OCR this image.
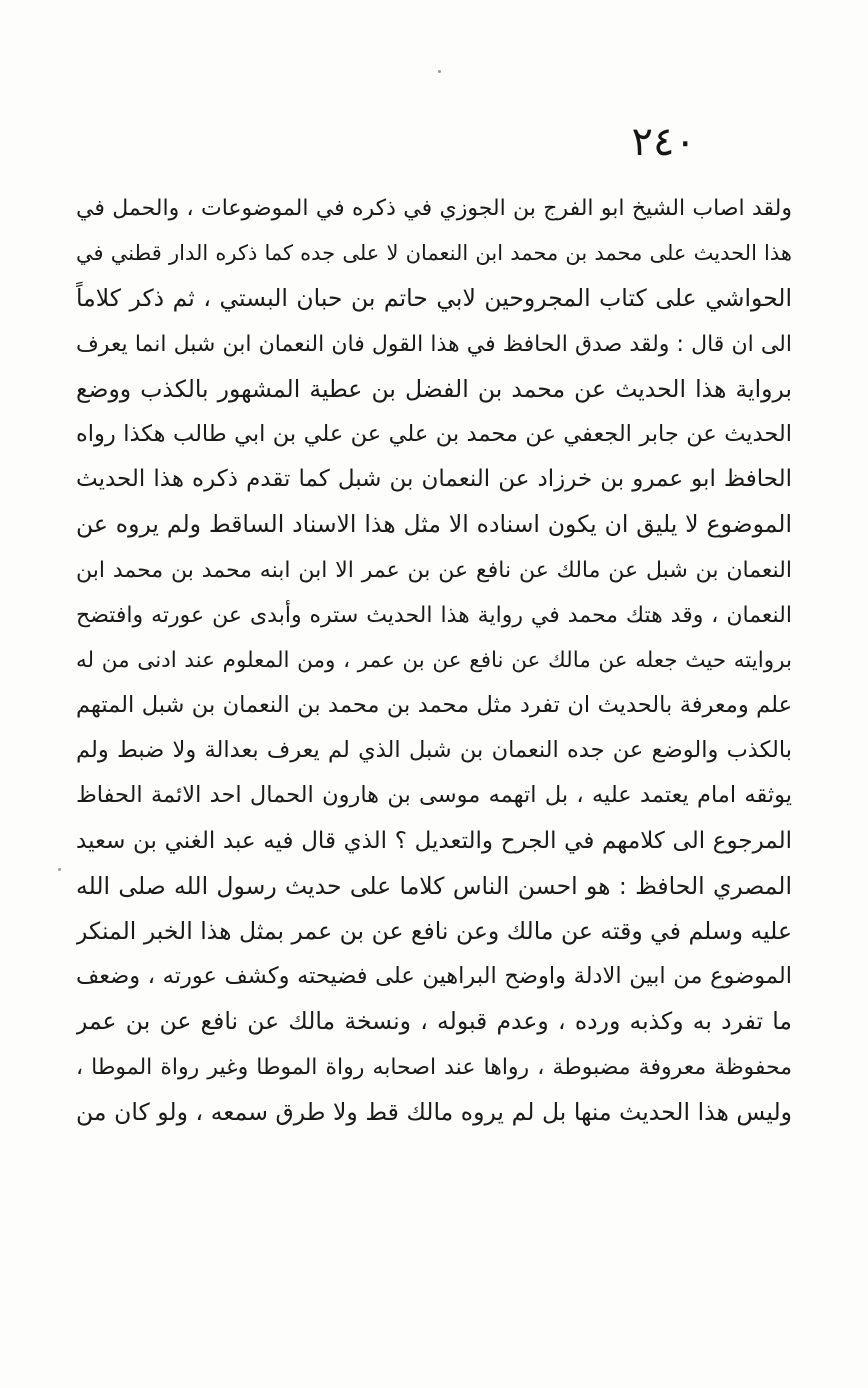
٢٤٠
ولقد اصاب الشيخ ابو الفرج بن الجوزي في ذكره في الموضوعات ، والحمل في
هذا الحديث على محمد بن محمد ابن النعمان لا على جده كما ذكره الدار قطني في
الحواشي على كتاب المجروحين لابي حاتم بن حبان البستي ، ثم ذكر كلاماً
الى ان قال : ولقد صدق الحافظ في هذا القول فان النعمان ابن شبل انما يعرف
برواية هذا الحديث عن محمد بن الفضل بن عطية المشهور بالكذب ووضع
الحديث عن جابر الجعفي عن محمد بن علي عن علي بن ابي طالب هكذا رواه
الحافظ ابو عمرو بن خرزاد عن النعمان بن شبل كما تقدم ذكره هذا الحديث
الموضوع لا يليق ان يكون اسناده الا مثل هذا الاسناد الساقط ولم يروه عن
النعمان بن شبل عن مالك عن نافع عن بن عمر الا ابن ابنه محمد بن محمد ابن
النعمان ، وقد هتك محمد في رواية هذا الحديث ستره وأبدى عن عورته وافتضح
بروايته حيث جعله عن مالك عن نافع عن بن عمر ، ومن المعلوم عند ادنى من له
علم ومعرفة بالحديث ان تفرد مثل محمد بن محمد بن النعمان بن شبل المتهم
بالكذب والوضع عن جده النعمان بن شبل الذي لم يعرف بعدالة ولا ضبط ولم
يوثقه امام يعتمد عليه ، بل اتهمه موسى بن هارون الحمال احد الائمة الحفاظ
المرجوع الى كلامهم في الجرح والتعديل ؟ الذي قال فيه عبد الغني بن سعيد
المصري الحافظ : هو احسن الناس كلاما على حديث رسول الله صلى الله
عليه وسلم في وقته عن مالك وعن نافع عن بن عمر بمثل هذا الخبر المنكر
الموضوع من ابين الادلة واوضح البراهين على فضيحته وكشف عورته ، وضعف
ما تفرد به وكذبه ورده ، وعدم قبوله ، ونسخة مالك عن نافع عن بن عمر
محفوظة معروفة مضبوطة ، رواها عند اصحابه رواة الموطا وغير رواة الموطا ،
وليس هذا الحديث منها بل لم يروه مالك قط ولا طرق سمعه ، ولو كان من
